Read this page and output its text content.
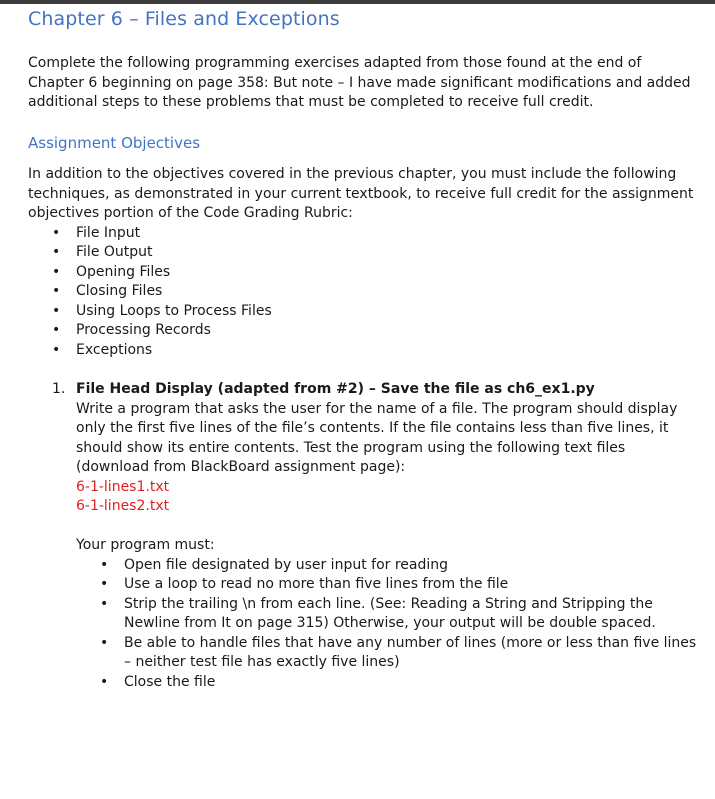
Chapter 6 – Files and Exceptions

Complete the following programming exercises adapted from those found at the end of Chapter 6 beginning on page 358: But note – I have made significant modifications and added additional steps to these problems that must be completed to receive full credit.

Assignment Objectives

In addition to the objectives covered in the previous chapter, you must include the following techniques, as demonstrated in your current textbook, to receive full credit for the assignment objectives portion of the Code Grading Rubric:

• File Input
• File Output
• Opening Files
• Closing Files
• Using Loops to Process Files
• Processing Records
• Exceptions
1. File Head Display (adapted from #2) – Save the file as ch6_ex1.py

Write a program that asks the user for the name of a file. The program should display only the first five lines of the file’s contents. If the file contains less than five lines, it should show its entire contents. Test the program using the following text files (download from BlackBoard assignment page):

6-1-lines1.txt
6-1-lines2.txt

Your program must:

• Open file designated by user input for reading
• Use a loop to read no more than five lines from the file
• Strip the trailing \n from each line. (See: Reading a String and Stripping the Newline from It on page 315) Otherwise, your output will be double spaced.
• Be able to handle files that have any number of lines (more or less than five lines – neither test file has exactly five lines)
• Close the file
